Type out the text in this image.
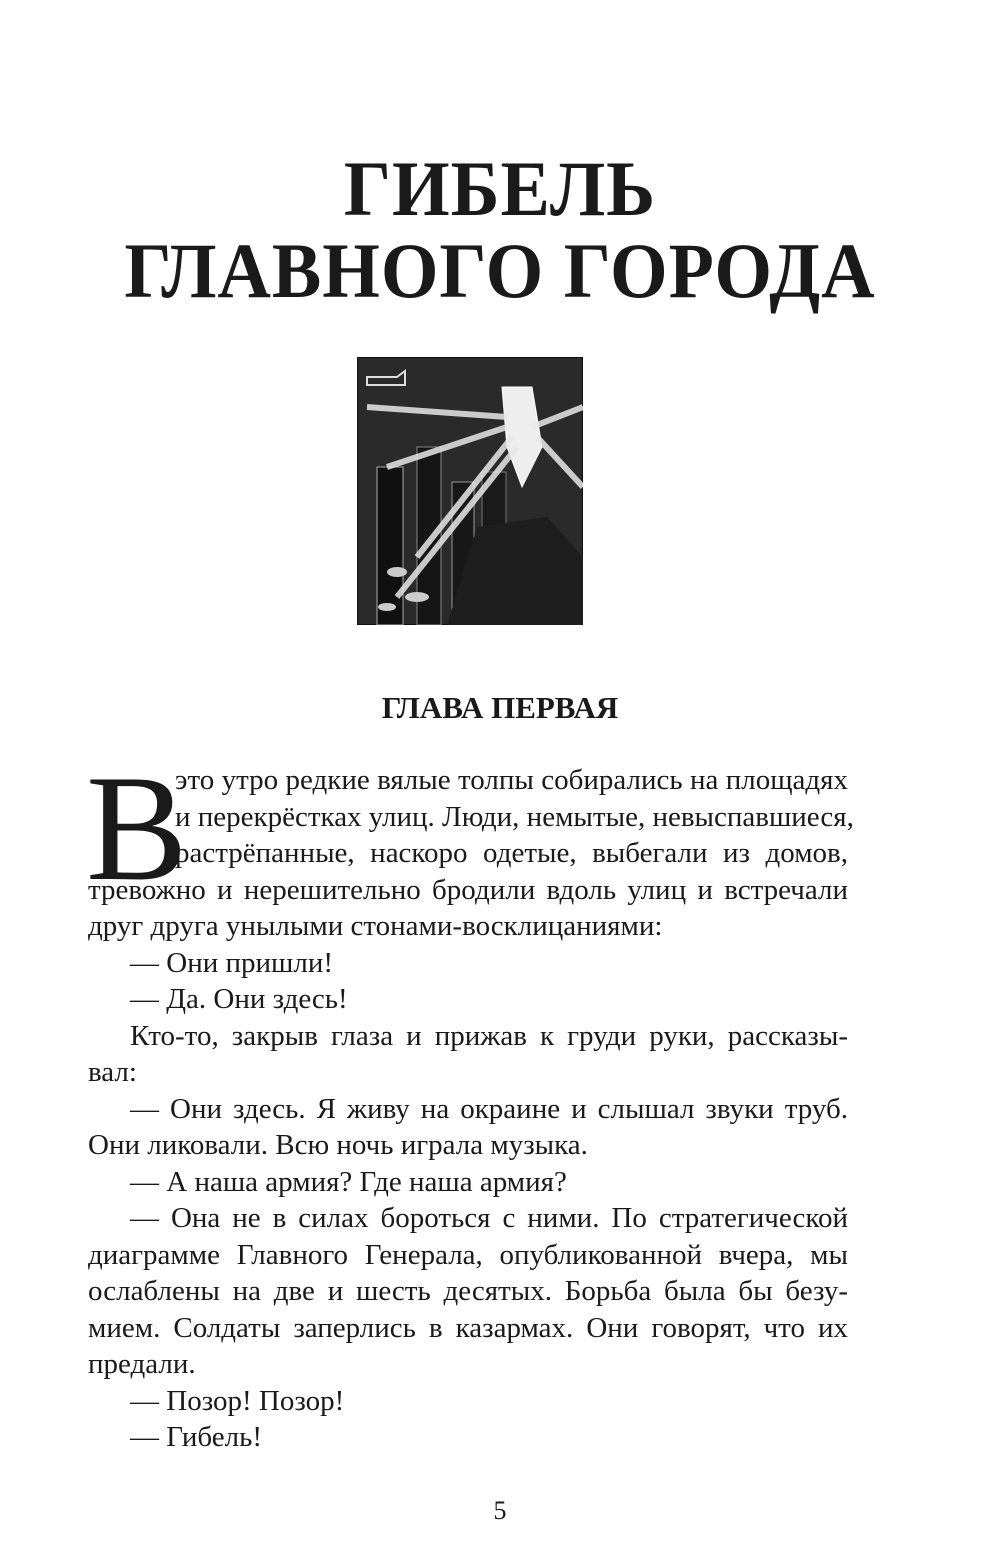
ГИБЕЛЬ
ГЛАВНОГО ГОРОДА
ГЛАВА ПЕРВАЯ
В
это утро редкие вялые толпы собирались на площадях
и перекрёстках улиц. Люди, немытые, невыспавшиеся,
растрёпанные, наскоро одетые, выбегали из домов,
тревожно и нерешительно бродили вдоль улиц и встречали
друг друга унылыми стонами-восклицаниями:
— Они пришли!
— Да. Они здесь!
Кто-то, закрыв глаза и прижав к груди руки, рассказы-
вал:
— Они здесь. Я живу на окраине и слышал звуки труб.
Они ликовали. Всю ночь играла музыка.
— А наша армия? Где наша армия?
— Она не в силах бороться с ними. По стратегической
диаграмме Главного Генерала, опубликованной вчера, мы
ослаблены на две и шесть десятых. Борьба была бы безу-
мием. Солдаты заперлись в казармах. Они говорят, что их
предали.
— Позор! Позор!
— Гибель!
5
